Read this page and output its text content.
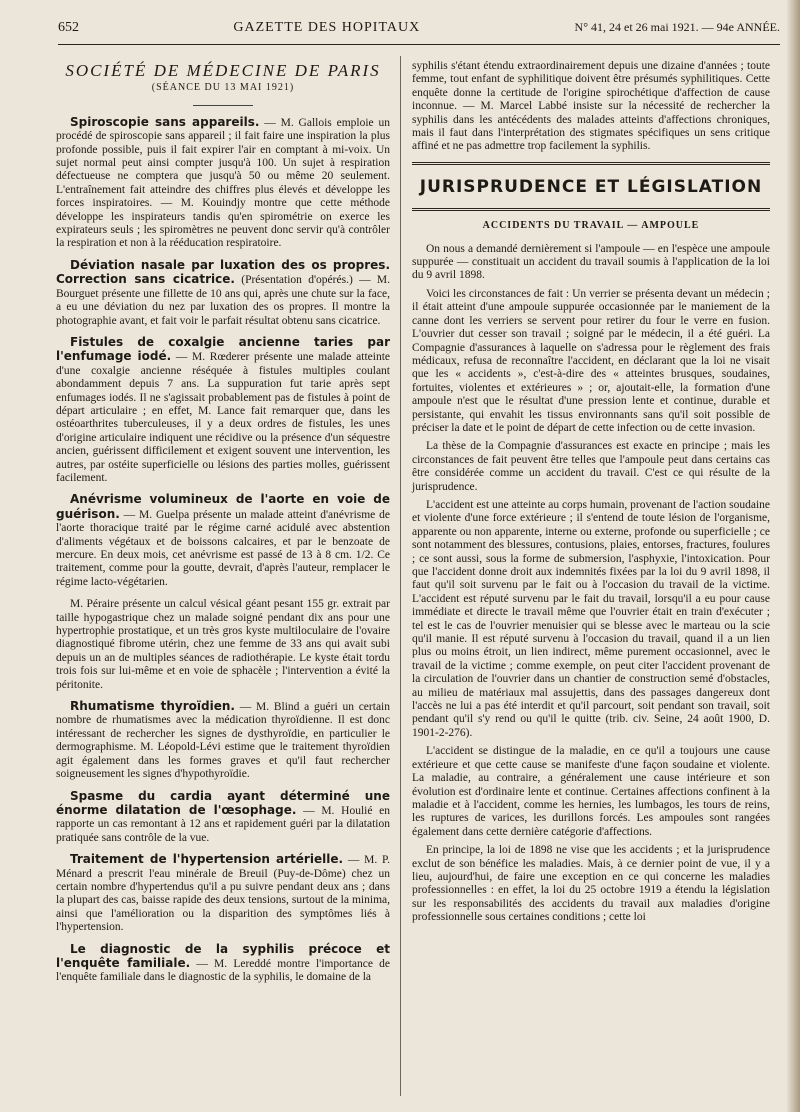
652	GAZETTE DES HOPITAUX	N° 41, 24 et 26 mai 1921. — 94e ANNÉE.
SOCIÉTÉ DE MÉDECINE DE PARIS
(SÉANCE DU 13 MAI 1921)
Spiroscopie sans appareils. — M. Gallois emploie un procédé de spiroscopie sans appareil ; il fait faire une inspiration la plus profonde possible, puis il fait expirer l'air en comptant à mi-voix. Un sujet normal peut ainsi compter jusqu'à 100. Un sujet à respiration défectueuse ne comptera que jusqu'à 50 ou même 20 seulement. L'entraînement fait atteindre des chiffres plus élevés et développe les forces inspiratoires. — M. Kouindjy montre que cette méthode développe les inspirateurs tandis qu'en spirométrie on exerce les expirateurs seuls ; les spiromètres ne peuvent donc servir qu'à contrôler la respiration et non à la rééducation respiratoire.
Déviation nasale par luxation des os propres. Correction sans cicatrice. (Présentation d'opérés.) — M. Bourguet présente une fillette de 10 ans qui, après une chute sur la face, a eu une déviation du nez par luxation des os propres. Il montre la photographie avant, et fait voir le parfait résultat obtenu sans cicatrice.
Fistules de coxalgie ancienne taries par l'enfumage iodé. — M. Rœderer présente une malade atteinte d'une coxalgie ancienne réséquée à fistules multiples coulant abondamment depuis 7 ans. La suppuration fut tarie après sept enfumages iodés. Il ne s'agissait probablement pas de fistules à point de départ articulaire ; en effet, M. Lance fait remarquer que, dans les ostéoarthrites tuberculeuses, il y a deux ordres de fistules, les unes d'origine articulaire indiquent une récidive ou la présence d'un séquestre ancien, guérissent difficilement et exigent souvent une intervention, les autres, par ostéite superficielle ou lésions des parties molles, guérissent facilement.
Anévrisme volumineux de l'aorte en voie de guérison. — M. Guelpa présente un malade atteint d'anévrisme de l'aorte thoracique traité par le régime carné acidulé avec abstention d'aliments végétaux et de boissons calcaires, et par le benzoate de mercure. En deux mois, cet anévrisme est passé de 13 à 8 cm. 1/2. Ce traitement, comme pour la goutte, devrait, d'après l'auteur, remplacer le régime lacto-végétarien.
M. Péraire présente un calcul vésical géant pesant 155 gr. extrait par taille hypogastrique chez un malade soigné pendant dix ans pour une hypertrophie prostatique, et un très gros kyste multiloculaire de l'ovaire diagnostiqué fibrome utérin, chez une femme de 33 ans qui avait subi depuis un an de multiples séances de radiothérapie. Le kyste était tordu trois fois sur lui-même et en voie de sphacèle ; l'intervention a évité la péritonite.
Rhumatisme thyroïdien. — M. Blind a guéri un certain nombre de rhumatismes avec la médication thyroïdienne. Il est donc intéressant de rechercher les signes de dysthyroïdie, en particulier le dermographisme. M. Léopold-Lévi estime que le traitement thyroïdien agit également dans les formes graves et qu'il faut rechercher soigneusement les signes d'hypothyroïdie.
Spasme du cardia ayant déterminé une énorme dilatation de l'œsophage. — M. Houlié en rapporte un cas remontant à 12 ans et rapidement guéri par la dilatation pratiquée sans contrôle de la vue.
Traitement de l'hypertension artérielle. — M. P. Ménard a prescrit l'eau minérale de Breuil (Puy-de-Dôme) chez un certain nombre d'hypertendus qu'il a pu suivre pendant deux ans ; dans la plupart des cas, baisse rapide des deux tensions, surtout de la minima, ainsi que l'amélioration ou la disparition des symptômes liés à l'hypertension.
Le diagnostic de la syphilis précoce et l'enquête familiale. — M. Lereddé montre l'importance de l'enquête familiale dans le diagnostic de la syphilis, le domaine de la

syphilis s'étant étendu extraordinairement depuis une dizaine d'années ; toute femme, tout enfant de syphilitique doivent être présumés syphilitiques. Cette enquête donne la certitude de l'origine spirochétique d'affection de cause inconnue. — M. Marcel Labbé insiste sur la nécessité de rechercher la syphilis dans les antécédents des malades atteints d'affections chroniques, mais il faut dans l'interprétation des stigmates spécifiques un sens critique affiné et ne pas admettre trop facilement la syphilis.

JURISPRUDENCE ET LÉGISLATION
ACCIDENTS DU TRAVAIL — AMPOULE

On nous a demandé dernièrement si l'ampoule — en l'espèce une ampoule suppurée — constituait un accident du travail soumis à l'application de la loi du 9 avril 1898.

Voici les circonstances de fait : Un verrier se présenta devant un médecin ; il était atteint d'une ampoule suppurée occasionnée par le maniement de la canne dont les verriers se servent pour retirer du four le verre en fusion. L'ouvrier dut cesser son travail ; soigné par le médecin, il a été guéri. La Compagnie d'assurances à laquelle on s'adressa pour le règlement des frais médicaux, refusa de reconnaître l'accident, en déclarant que la loi ne visait que les « accidents », c'est-à-dire des « atteintes brusques, soudaines, fortuites, violentes et extérieures » ; or, ajoutait-elle, la formation d'une ampoule n'est que le résultat d'une pression lente et continue, durable et persistante, qui envahit les tissus environnants sans qu'il soit possible de préciser la date et le point de départ de cette infection ou de cette invasion.

La thèse de la Compagnie d'assurances est exacte en principe ; mais les circonstances de fait peuvent être telles que l'ampoule peut dans certains cas être considérée comme un accident du travail. C'est ce qui résulte de la jurisprudence.

L'accident est une atteinte au corps humain, provenant de l'action soudaine et violente d'une force extérieure ; il s'entend de toute lésion de l'organisme, apparente ou non apparente, interne ou externe, profonde ou superficielle ; ce sont notamment des blessures, contusions, plaies, entorses, fractures, foulures ; ce sont aussi, sous la forme de submersion, l'asphyxie, l'intoxication. Pour que l'accident donne droit aux indemnités fixées par la loi du 9 avril 1898, il faut qu'il soit survenu par le fait ou à l'occasion du travail de la victime. L'accident est réputé survenu par le fait du travail, lorsqu'il a eu pour cause immédiate et directe le travail même que l'ouvrier était en train d'exécuter ; tel est le cas de l'ouvrier menuisier qui se blesse avec le marteau ou la scie qu'il manie. Il est réputé survenu à l'occasion du travail, quand il a un lien plus ou moins étroit, un lien indirect, même purement occasionnel, avec le travail de la victime ; comme exemple, on peut citer l'accident provenant de la circulation de l'ouvrier dans un chantier de construction semé d'obstacles, au milieu de matériaux mal assujettis, dans des passages dangereux dont l'accès ne lui a pas été interdit et qu'il parcourt, soit pendant son travail, soit pendant qu'il s'y rend ou qu'il le quitte (trib. civ. Seine, 24 août 1900, D. 1901-2-276).

L'accident se distingue de la maladie, en ce qu'il a toujours une cause extérieure et que cette cause se manifeste d'une façon soudaine et violente. La maladie, au contraire, a généralement une cause intérieure et son évolution est d'ordinaire lente et continue. Certaines affections confinent à la maladie et à l'accident, comme les hernies, les lumbagos, les tours de reins, les ruptures de varices, les durillons forcés. Les ampoules sont rangées également dans cette dernière catégorie d'affections.

En principe, la loi de 1898 ne vise que les accidents ; et la jurisprudence exclut de son bénéfice les maladies. Mais, à ce dernier point de vue, il y a lieu, aujourd'hui, de faire une exception en ce qui concerne les maladies professionnelles : en effet, la loi du 25 octobre 1919 a étendu la législation sur les responsabilités des accidents du travail aux maladies d'origine professionnelle sous certaines conditions ; cette loi
